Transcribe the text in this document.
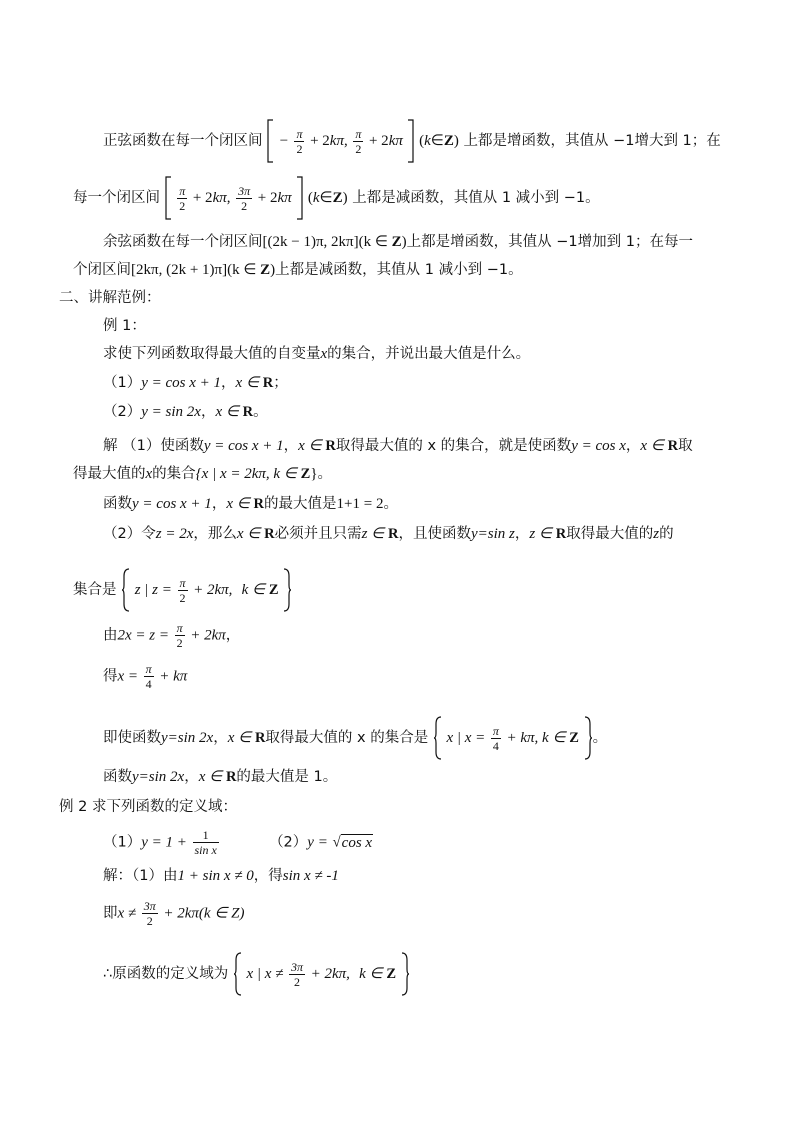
正弦函数在每一个闭区间 − $\frac{\pi}{2} + 2k\pi$, $\frac{\pi}{2} + 2k\pi$ (k∈Z) 上都是增函数，其值从 −1增大到 1；在
每一个闭区间
$\frac{\pi}{2} + 2k\pi$, $\frac{3\pi}{2} + 2k\pi$ (k∈Z) 上都是减函数，其值从 1 减小到 −1。
余弦函数在每一个闭区间[(2k − 1)π, 2kπ](k ∈ Z)上都是增函数，其值从 −1增加到 1；在每一
个闭区间[2kπ, (2k + 1)π](k ∈ Z)上都是减函数，其值从 1 减小到 −1。
二、讲解范例：
例 1：
求使下列函数取得最大值的自变量x的集合，并说出最大值是什么。
（1）y = cos x + 1，x ∈ R；
（2）y = sin 2x，x ∈ R。
解 （1）使函数y = cos x + 1，x ∈ R取得最大值的 x 的集合，就是使函数y = cos x，x ∈ R取
得最大值的x的集合{x | x = 2kπ, k ∈ Z}。
函数y = cos x + 1，x ∈ R的最大值是1+1 = 2。
（2）令z = 2x，那么x ∈ R必须并且只需z ∈ R，且使函数y=sin z，z ∈ R取得最大值的z的
集合是 z | $z = \frac{\pi}{2} + 2k\pi$, k ∈ Z
由$2x = z = \frac{\pi}{2} + 2k\pi$，
得$x = \frac{\pi}{4} + k\pi$
即使函数y=sin 2x，x ∈ R取得最大值的 x 的集合是 x | $x = \frac{\pi}{4} + k\pi$, k ∈ Z 。
函数y=sin 2x，x ∈ R的最大值是 1。
例 2 求下列函数的定义域：
$(1)y = 1 + \frac{1}{\text{sin x}}$	（2）y = √cos x
解：（1）由1 + sin x ≠ 0，得sin x ≠ -1
即$x \ne \frac{3\pi}{2} + 2k\pi(k$ ∈ Z)
∴原函数的定义域为 x | $x \ne \frac{3\pi}{2} + 2k\pi$, k ∈ Z
